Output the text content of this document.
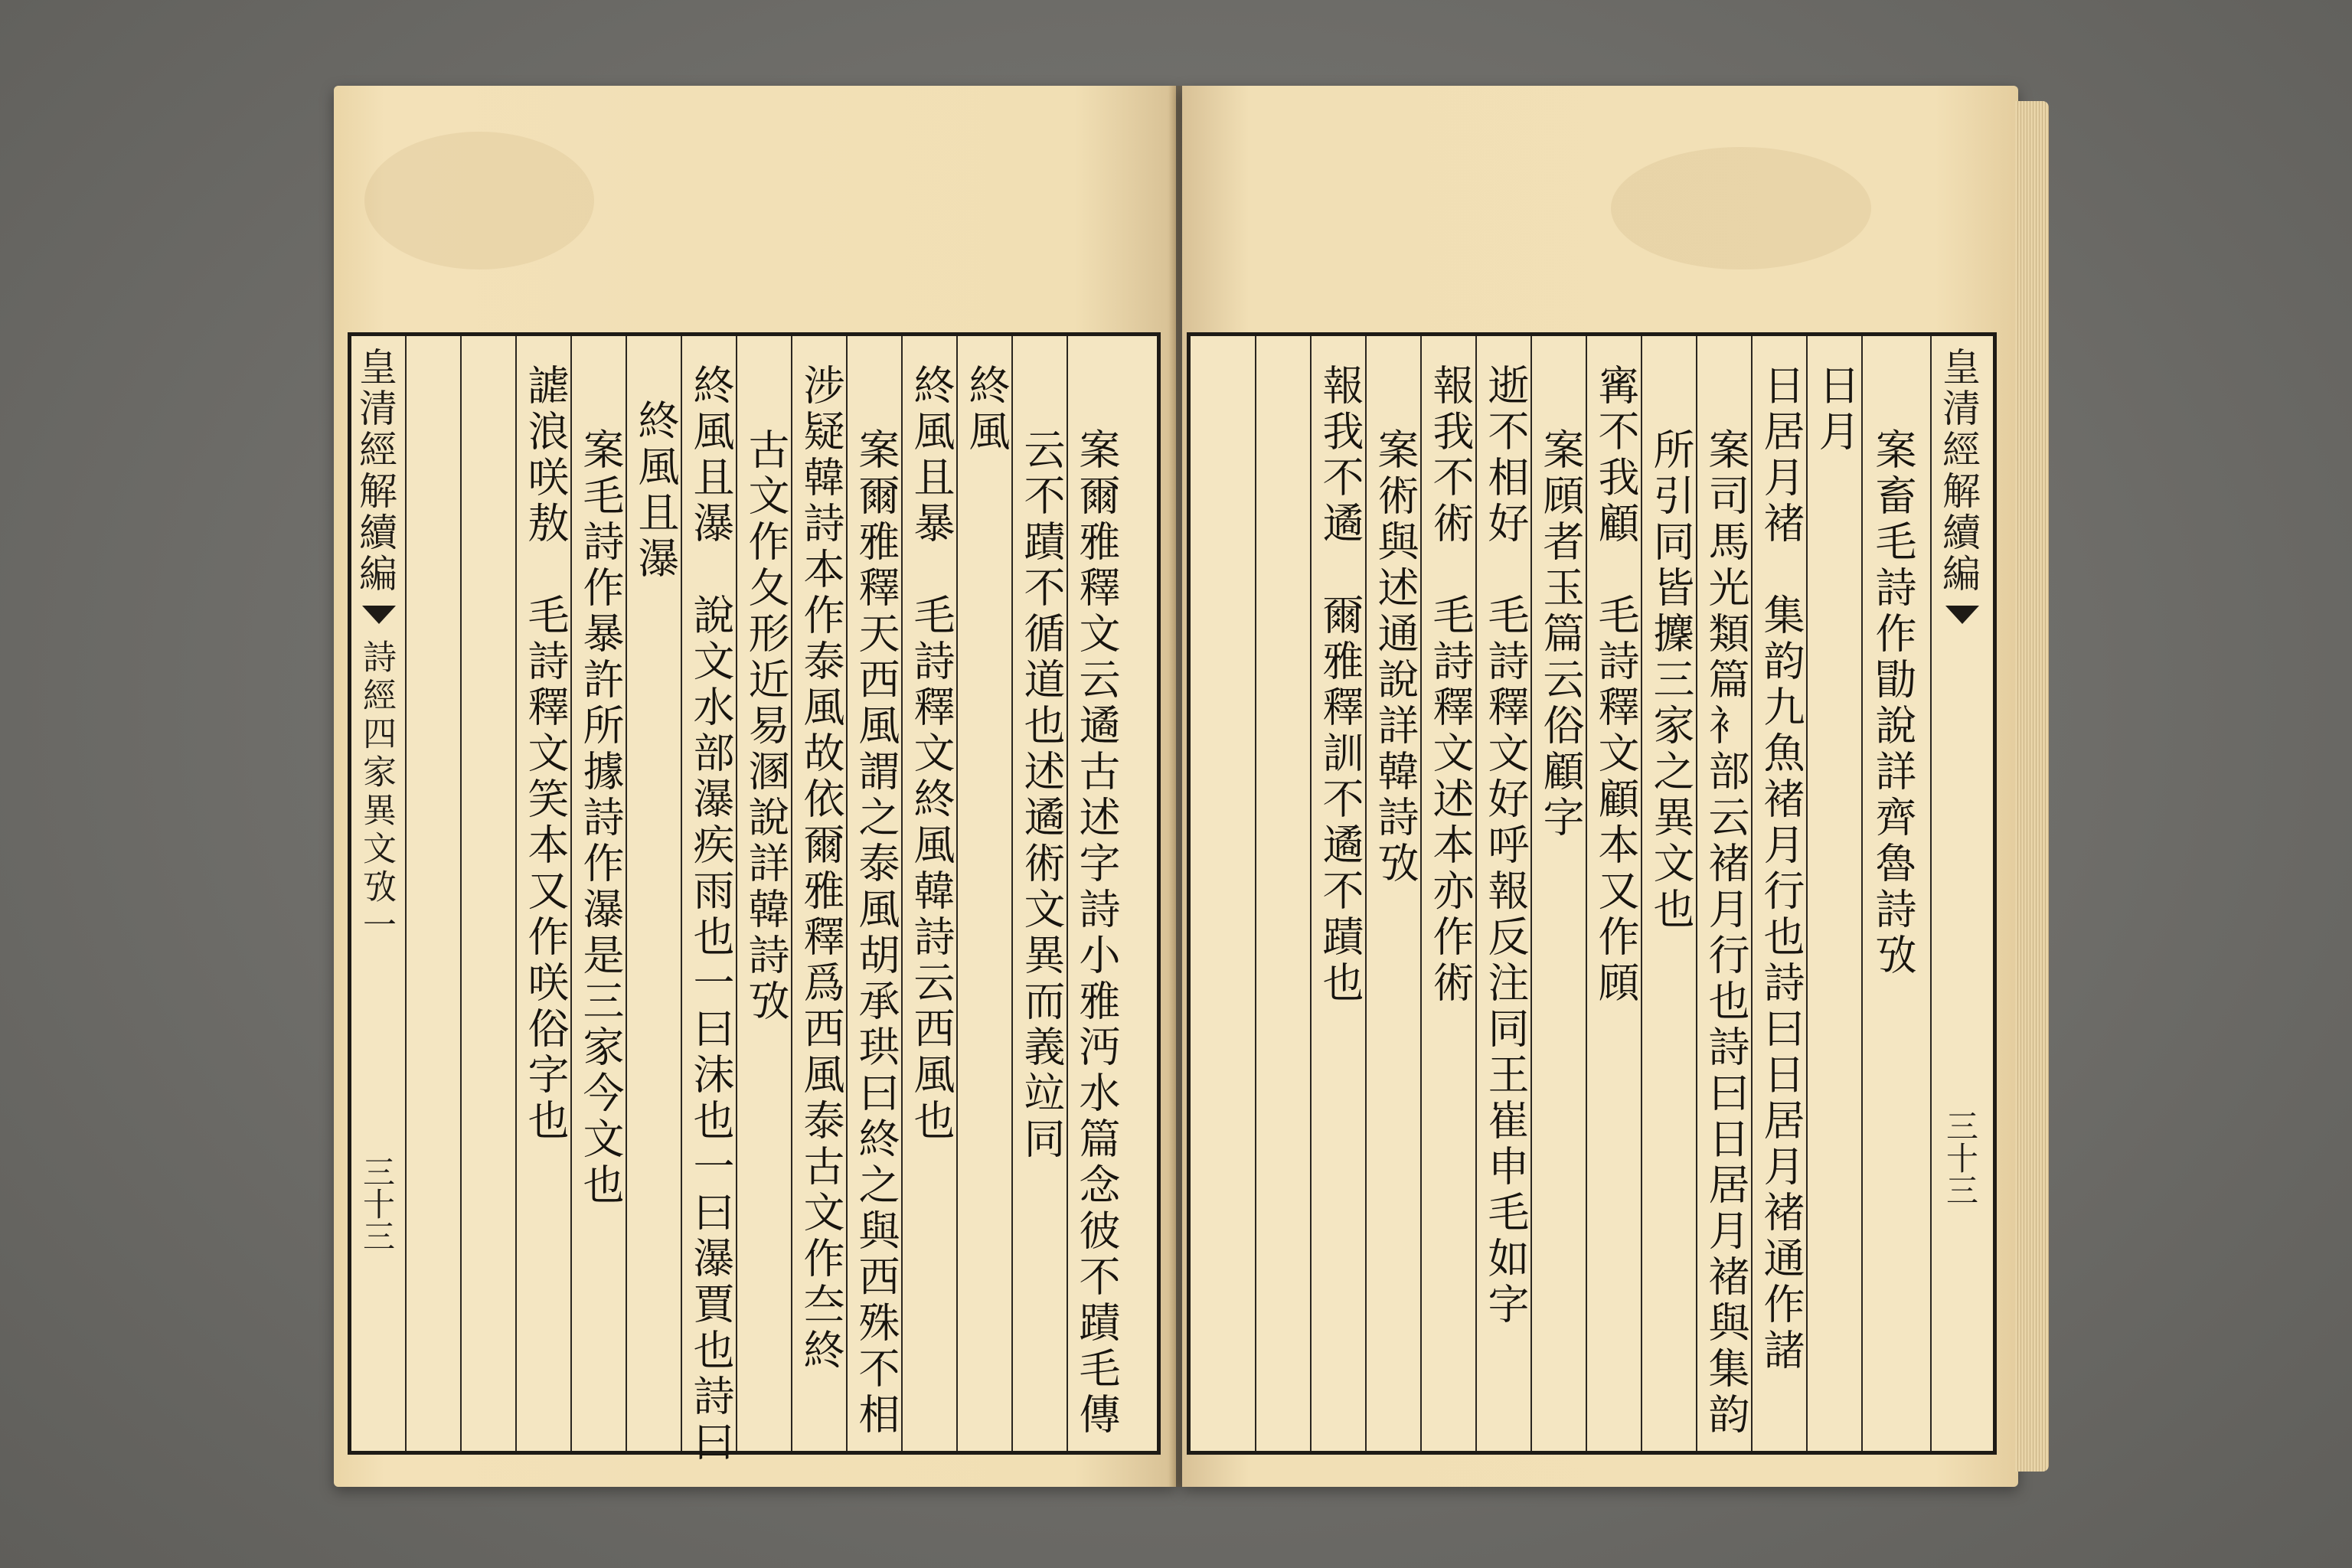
皇清經解續編
詩經四家異文攷一
三十三	案爾雅釋文云遹古述字詩小雅沔水篇念彼不蹟毛傳
云不蹟不循道也述遹術文異而義竝同
終風
終風且暴　毛詩釋文終風韓詩云西風也
案爾雅釋天西風謂之泰風胡承珙曰終之與西殊不相
涉疑韓詩本作泰風故依爾雅釋爲西風泰古文作夳終
古文作夂形近易溷說詳韓詩攷
終風且瀑　說文水部瀑疾雨也一曰沫也一曰瀑賈也詩曰
終風且瀑
案毛詩作暴許所據詩作瀑是三家今文也
謔浪咲敖　毛詩釋文笑本又作咲俗字也	皇清經解續編
三十三
案畜毛詩作勖說詳齊魯詩攷
日月
日居月褚　集韵九魚褚月行也詩曰日居月褚通作諸
案司馬光類篇衤部云褚月行也詩曰日居月褚與集韵
所引同皆攈三家之異文也
寗不我顧　毛詩釋文顧本又作頋
案頋者玉篇云俗顧字
逝不相好　毛詩釋文好呼報反注同王崔申毛如字
報我不術　毛詩釋文述本亦作術
案術與述通說詳韓詩攷
報我不遹　爾雅釋訓不遹不蹟也
